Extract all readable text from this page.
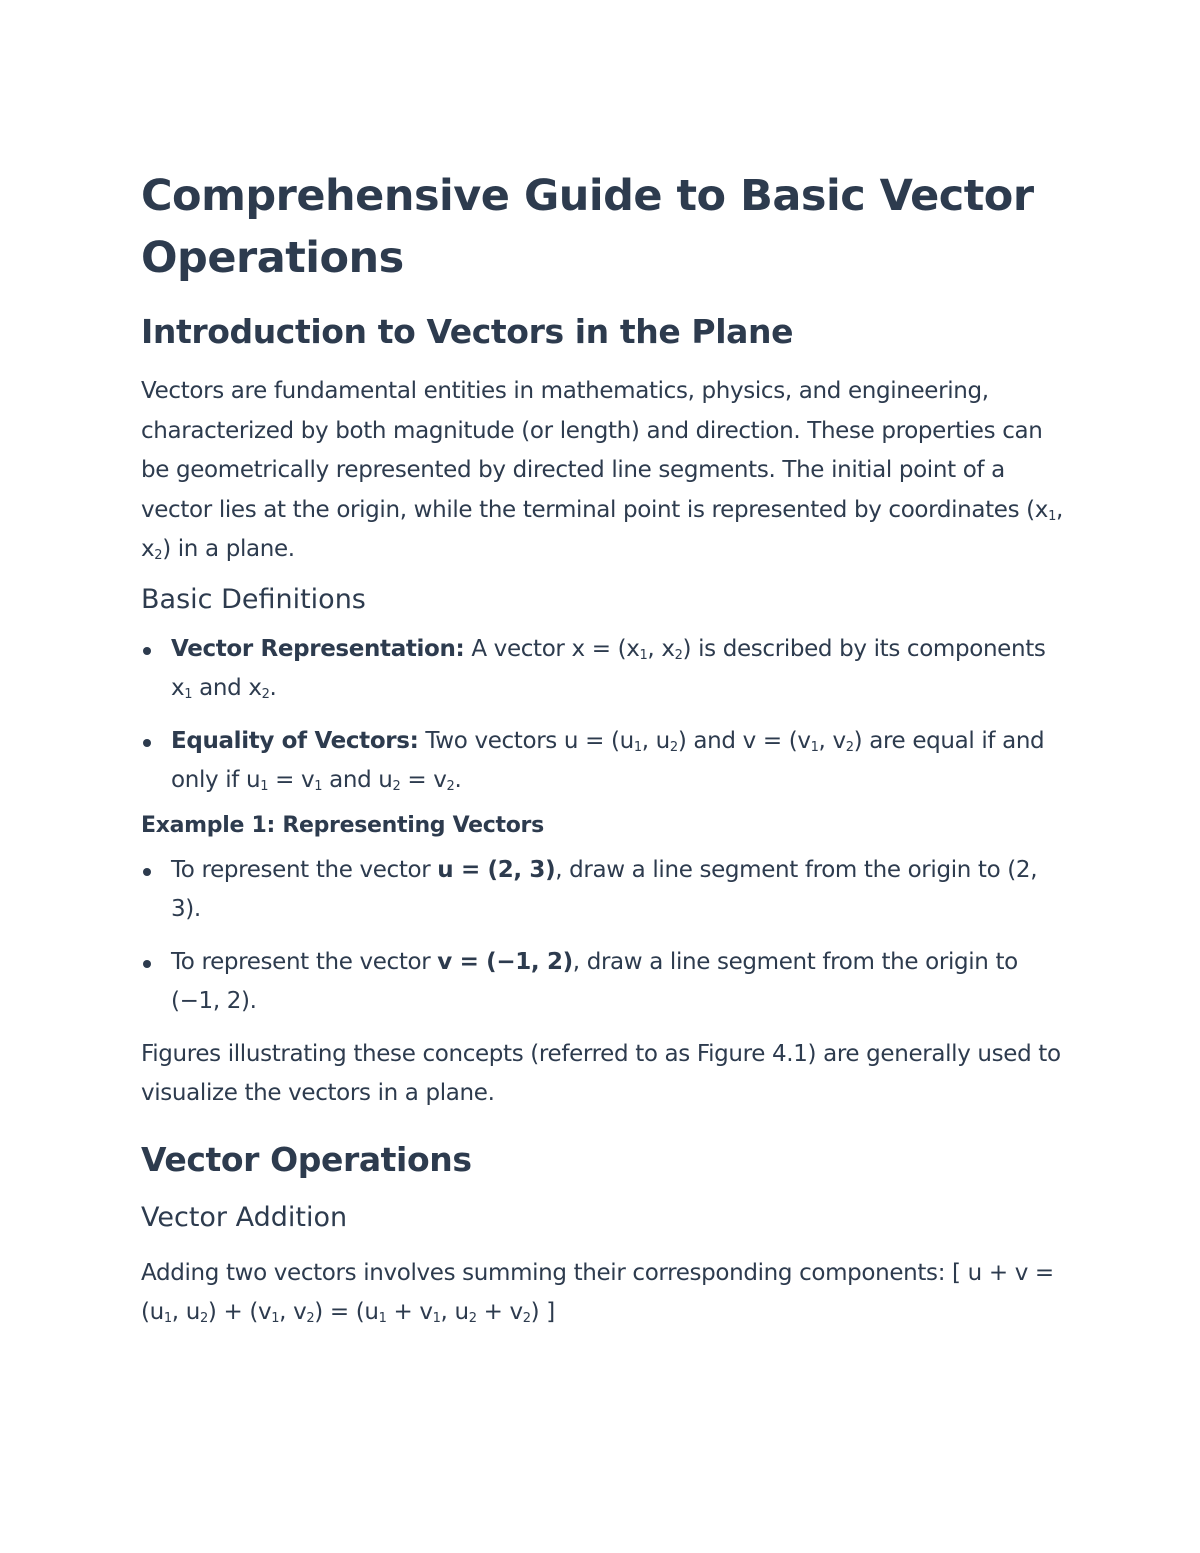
Comprehensive Guide to Basic Vector Operations
Introduction to Vectors in the Plane

Vectors are fundamental entities in mathematics, physics, and engineering, characterized by both magnitude (or length) and direction. These properties can be geometrically represented by directed line segments. The initial point of a vector lies at the origin, while the terminal point is represented by coordinates ($x_1$, $x_2$) in a plane.

Basic Definitions
Vector Representation: A vector $x = (x_1$, $x_2$) is described by its components $x_1$ and $x_2$.
Equality of Vectors: Two vectors $u = (u_1$, $u_2$) and $v = (v_1$, $v_2$) are equal if and only if $u_1 = v_1$ and $u_2 = v_2$.
Example 1: Representing Vectors
To represent the vector u = (2, 3), draw a line segment from the origin to (2, 3).
To represent the vector v = (−1, 2), draw a line segment from the origin to (−1, 2).

Figures illustrating these concepts (referred to as Figure 4.1) are generally used to visualize the vectors in a plane.

Vector Operations
Vector Addition

Adding two vectors involves summing their corresponding components: [ $u + v = (u_1$, $u_2) + (v_1$, $v_2) = (u_1 + v_1$, $u_2 + v_2$) ]
